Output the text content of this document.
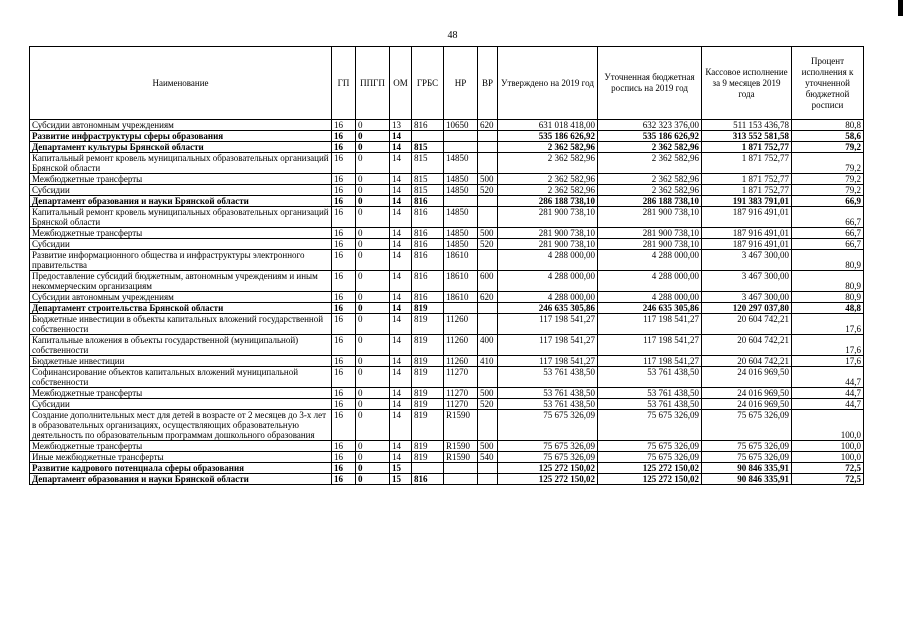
48
Наименование	ГП	ППГП	ОМ	ГРБС	НР	ВР	Утверждено на 2019 год	Уточненная бюджетная роспись на 2019 год	Кассовое исполнение за 9 месяцев 2019 года	Процент исполнения к уточненной бюджетной росписи
Субсидии автономным учреждениям	16	0	13	816	10650	620	631 018 418,00	632 323 376,00	511 153 436,78	80,8
Развитие инфраструктуры сферы образования	16	0	14				535 186 626,92	535 186 626,92	313 552 581,58	58,6
Департамент культуры Брянской области	16	0	14	815			2 362 582,96	2 362 582,96	1 871 752,77	79,2
Капитальный ремонт кровель муниципальных образовательных организаций Брянской области	16	0	14	815	14850		2 362 582,96	2 362 582,96	1 871 752,77	79,2
Межбюджетные трансферты	16	0	14	815	14850	500	2 362 582,96	2 362 582,96	1 871 752,77	79,2
Субсидии	16	0	14	815	14850	520	2 362 582,96	2 362 582,96	1 871 752,77	79,2
Департамент образования и науки Брянской области	16	0	14	816			286 188 738,10	286 188 738,10	191 383 791,01	66,9
Капитальный ремонт кровель муниципальных образовательных организаций Брянской области	16	0	14	816	14850		281 900 738,10	281 900 738,10	187 916 491,01	66,7
Межбюджетные трансферты	16	0	14	816	14850	500	281 900 738,10	281 900 738,10	187 916 491,01	66,7
Субсидии	16	0	14	816	14850	520	281 900 738,10	281 900 738,10	187 916 491,01	66,7
Развитие информационного общества и инфраструктуры электронного правительства	16	0	14	816	18610		4 288 000,00	4 288 000,00	3 467 300,00	80,9
Предоставление субсидий бюджетным, автономным учреждениям и иным некоммерческим организациям	16	0	14	816	18610	600	4 288 000,00	4 288 000,00	3 467 300,00	80,9
Субсидии автономным учреждениям	16	0	14	816	18610	620	4 288 000,00	4 288 000,00	3 467 300,00	80,9
Департамент строительства Брянской области	16	0	14	819			246 635 305,86	246 635 305,86	120 297 037,80	48,8
Бюджетные инвестиции в объекты капитальных вложений государственной собственности	16	0	14	819	11260		117 198 541,27	117 198 541,27	20 604 742,21	17,6
Капитальные вложения в объекты государственной (муниципальной) собственности	16	0	14	819	11260	400	117 198 541,27	117 198 541,27	20 604 742,21	17,6
Бюджетные инвестиции	16	0	14	819	11260	410	117 198 541,27	117 198 541,27	20 604 742,21	17,6
Софинансирование объектов капитальных вложений муниципальной собственности	16	0	14	819	11270		53 761 438,50	53 761 438,50	24 016 969,50	44,7
Межбюджетные трансферты	16	0	14	819	11270	500	53 761 438,50	53 761 438,50	24 016 969,50	44,7
Субсидии	16	0	14	819	11270	520	53 761 438,50	53 761 438,50	24 016 969,50	44,7
Создание дополнительных мест для детей в возрасте от 2 месяцев до 3-х лет в образовательных организациях, осуществляющих образовательную деятельность по образовательным программам дошкольного образования	16	0	14	819	R1590		75 675 326,09	75 675 326,09	75 675 326,09	100,0
Межбюджетные трансферты	16	0	14	819	R1590	500	75 675 326,09	75 675 326,09	75 675 326,09	100,0
Иные межбюджетные трансферты	16	0	14	819	R1590	540	75 675 326,09	75 675 326,09	75 675 326,09	100,0
Развитие кадрового потенциала сферы образования	16	0	15				125 272 150,02	125 272 150,02	90 846 335,91	72,5
Департамент образования и науки Брянской области	16	0	15	816			125 272 150,02	125 272 150,02	90 846 335,91	72,5
